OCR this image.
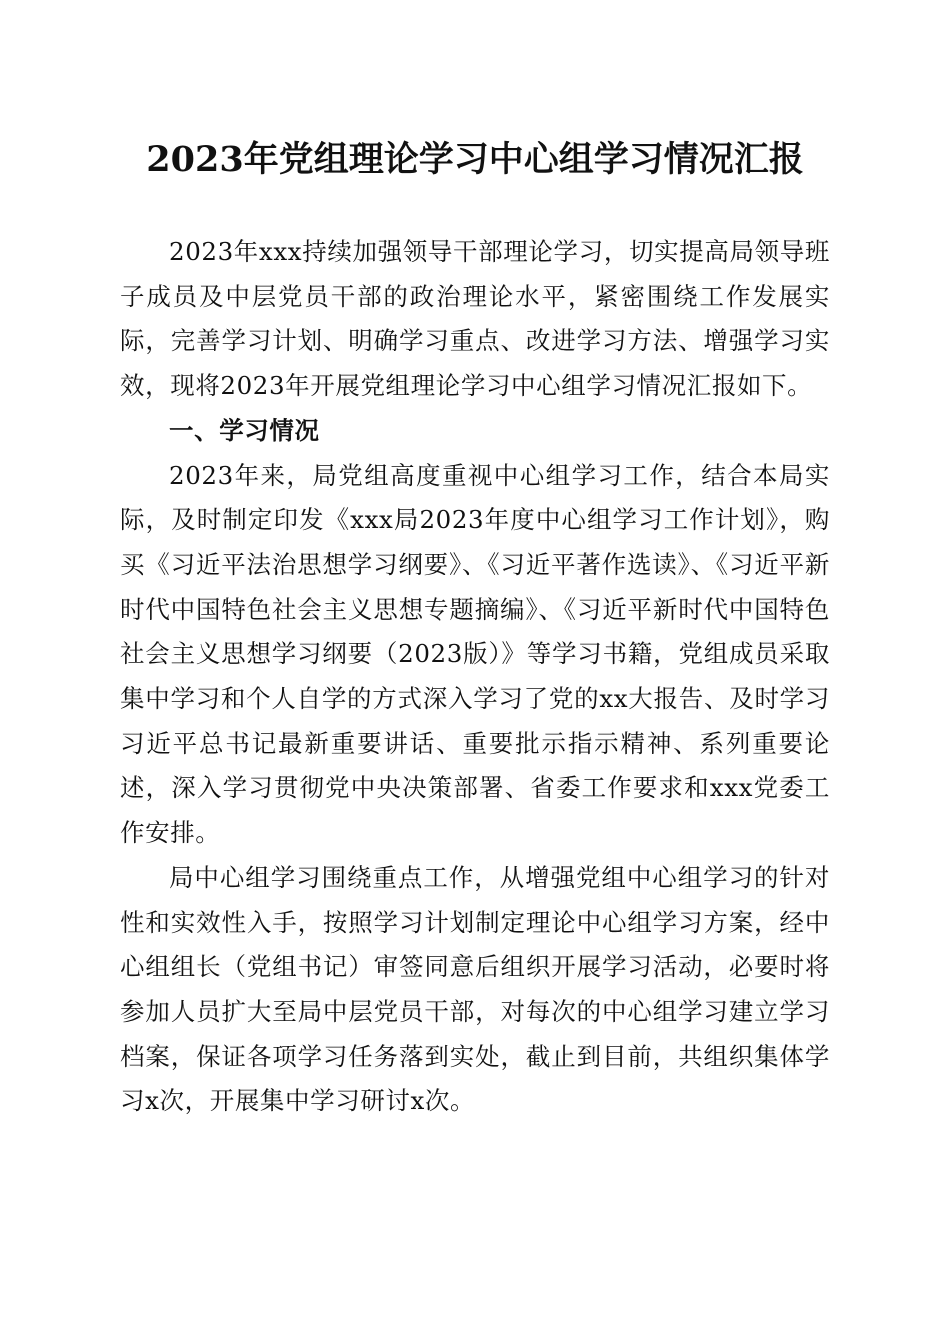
2023年党组理论学习中心组学习情况汇报

2023年xxx持续加强领导干部理论学习，切实提高局领导班子成员及中层党员干部的政治理论水平，紧密围绕工作发展实际，完善学习计划、明确学习重点、改进学习方法、增强学习实效，现将2023年开展党组理论学习中心组学习情况汇报如下。

一、学习情况

2023年来，局党组高度重视中心组学习工作，结合本局实际，及时制定印发《xxx局2023年度中心组学习工作计划》，购买《习近平法治思想学习纲要》、《习近平著作选读》、《习近平新时代中国特色社会主义思想专题摘编》、《习近平新时代中国特色社会主义思想学习纲要（2023版）》等学习书籍，党组成员采取集中学习和个人自学的方式深入学习了党的xx大报告、及时学习习近平总书记最新重要讲话、重要批示指示精神、系列重要论述，深入学习贯彻党中央决策部署、省委工作要求和xxx党委工作安排。

局中心组学习围绕重点工作，从增强党组中心组学习的针对性和实效性入手，按照学习计划制定理论中心组学习方案，经中心组组长（党组书记）审签同意后组织开展学习活动，必要时将参加人员扩大至局中层党员干部，对每次的中心组学习建立学习档案，保证各项学习任务落到实处，截止到目前，共组织集体学习x次，开展集中学习研讨x次。
